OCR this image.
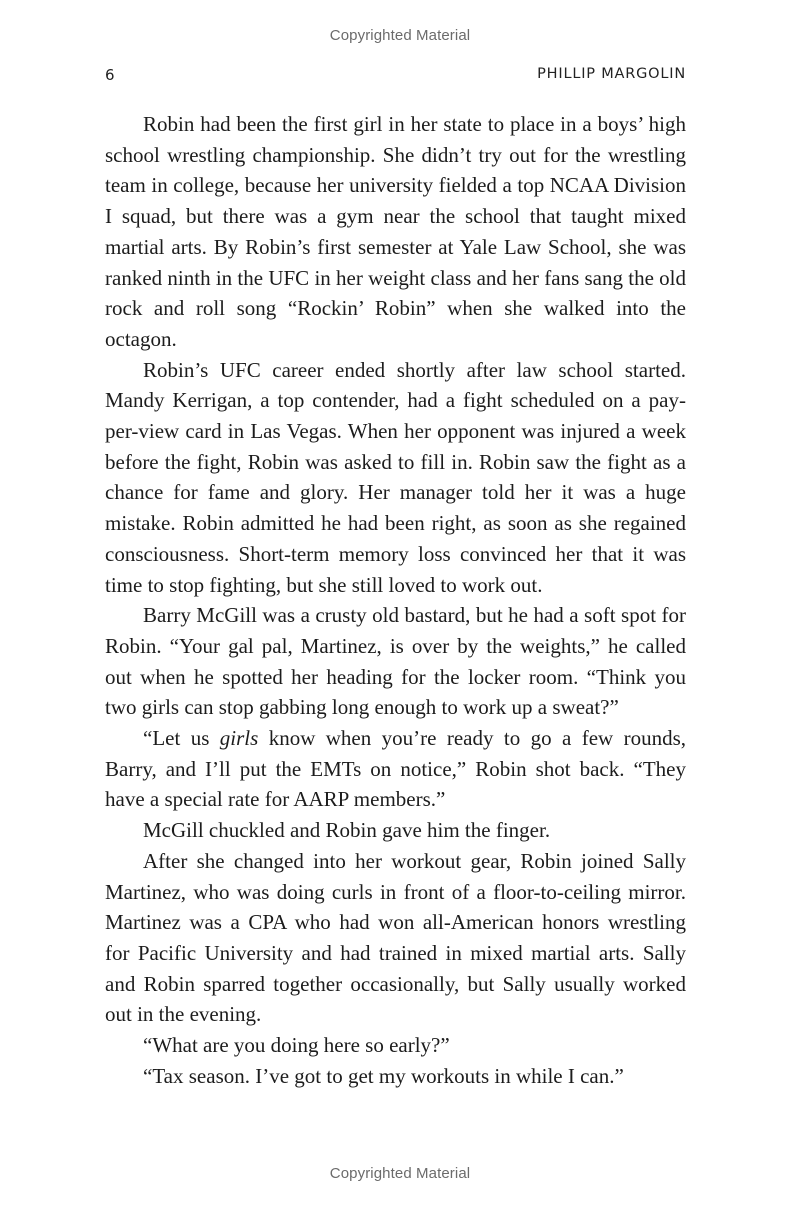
Copyrighted Material
6	PHILLIP MARGOLIN

Robin had been the first girl in her state to place in a boys’ high school wrestling championship. She didn’t try out for the wrestling team in college, because her university fielded a top NCAA Division I squad, but there was a gym near the school that taught mixed martial arts. By Robin’s first semester at Yale Law School, she was ranked ninth in the UFC in her weight class and her fans sang the old rock and roll song “Rockin’ Robin” when she walked into the octagon.

Robin’s UFC career ended shortly after law school started. Mandy Kerrigan, a top contender, had a fight scheduled on a pay-per-view card in Las Vegas. When her opponent was injured a week before the fight, Robin was asked to fill in. Robin saw the fight as a chance for fame and glory. Her manager told her it was a huge mistake. Robin admitted he had been right, as soon as she regained consciousness. Short-term memory loss convinced her that it was time to stop fighting, but she still loved to work out.

Barry McGill was a crusty old bastard, but he had a soft spot for Robin. “Your gal pal, Martinez, is over by the weights,” he called out when he spotted her heading for the locker room. “Think you two girls can stop gabbing long enough to work up a sweat?”

“Let us girls know when you’re ready to go a few rounds, Barry, and I’ll put the EMTs on notice,” Robin shot back. “They have a special rate for AARP members.”

McGill chuckled and Robin gave him the finger.

After she changed into her workout gear, Robin joined Sally Martinez, who was doing curls in front of a floor-to-ceiling mirror. Martinez was a CPA who had won all-American honors wrestling for Pacific University and had trained in mixed martial arts. Sally and Robin sparred together occasionally, but Sally usually worked out in the evening.

“What are you doing here so early?”

“Tax season. I’ve got to get my workouts in while I can.”

Copyrighted Material
